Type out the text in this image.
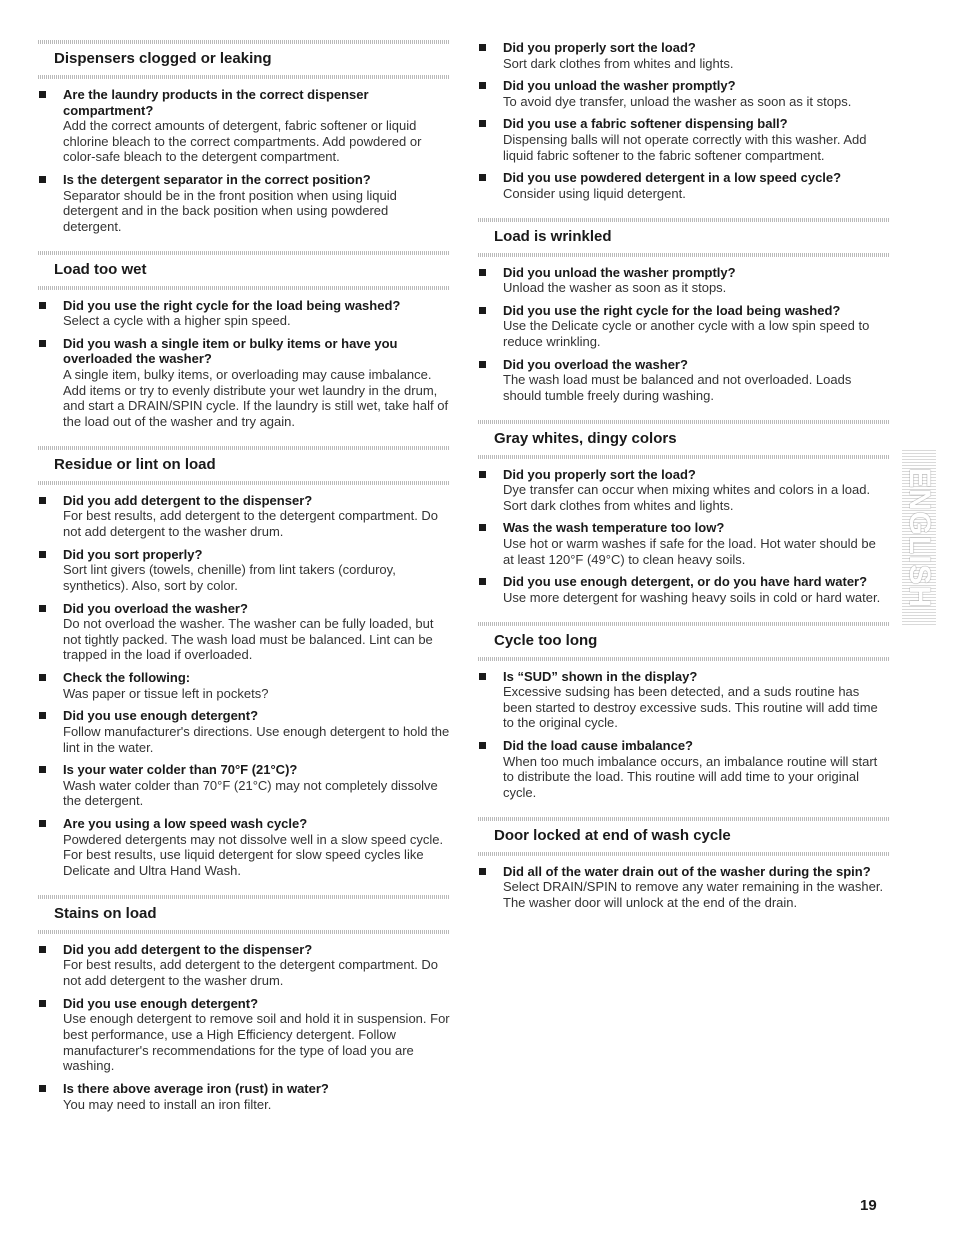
Dispensers clogged or leaking
Are the laundry products in the correct dispenser compartment?
Add the correct amounts of detergent, fabric softener or liquid chlorine bleach to the correct compartments. Add powdered or color-safe bleach to the detergent compartment.
Is the detergent separator in the correct position?
Separator should be in the front position when using liquid detergent and in the back position when using powdered detergent.
Load too wet
Did you use the right cycle for the load being washed?
Select a cycle with a higher spin speed.
Did you wash a single item or bulky items or have you overloaded the washer?
A single item, bulky items, or overloading may cause imbalance. Add items or try to evenly distribute your wet laundry in the drum, and start a DRAIN/SPIN cycle. If the laundry is still wet, take half of the load out of the washer and try again.
Residue or lint on load
Did you add detergent to the dispenser?
For best results, add detergent to the detergent compartment. Do not add detergent to the washer drum.
Did you sort properly?
Sort lint givers (towels, chenille) from lint takers (corduroy, synthetics). Also, sort by color.
Did you overload the washer?
Do not overload the washer. The washer can be fully loaded, but not tightly packed. The wash load must be balanced. Lint can be trapped in the load if overloaded.
Check the following:
Was paper or tissue left in pockets?
Did you use enough detergent?
Follow manufacturer's directions. Use enough detergent to hold the lint in the water.
Is your water colder than 70°F (21°C)?
Wash water colder than 70°F (21°C) may not completely dissolve the detergent.
Are you using a low speed wash cycle?
Powdered detergents may not dissolve well in a slow speed cycle. For best results, use liquid detergent for slow speed cycles like Delicate and Ultra Hand Wash.
Stains on load
Did you add detergent to the dispenser?
For best results, add detergent to the detergent compartment. Do not add detergent to the washer drum.
Did you use enough detergent?
Use enough detergent to remove soil and hold it in suspension. For best performance, use a High Efficiency detergent. Follow manufacturer's recommendations for the type of load you are washing.
Is there above average iron (rust) in water?
You may need to install an iron filter.
Did you properly sort the load?
Sort dark clothes from whites and lights.
Did you unload the washer promptly?
To avoid dye transfer, unload the washer as soon as it stops.
Did you use a fabric softener dispensing ball?
Dispensing balls will not operate correctly with this washer. Add liquid fabric softener to the fabric softener compartment.
Did you use powdered detergent in a low speed cycle?
Consider using liquid detergent.
Load is wrinkled
Did you unload the washer promptly?
Unload the washer as soon as it stops.
Did you use the right cycle for the load being washed?
Use the Delicate cycle or another cycle with a low spin speed to reduce wrinkling.
Did you overload the washer?
The wash load must be balanced and not overloaded. Loads should tumble freely during washing.
Gray whites, dingy colors
Did you properly sort the load?
Dye transfer can occur when mixing whites and colors in a load. Sort dark clothes from whites and lights.
Was the wash temperature too low?
Use hot or warm washes if safe for the load. Hot water should be at least 120°F (49°C) to clean heavy soils.
Did you use enough detergent, or do you have hard water?
Use more detergent for washing heavy soils in cold or hard water.
Cycle too long
Is “SUD” shown in the display?
Excessive sudsing has been detected, and a suds routine has been started to destroy excessive suds. This routine will add time to the original cycle.
Did the load cause imbalance?
When too much imbalance occurs, an imbalance routine will start to distribute the load. This routine will add time to your original cycle.
Door locked at end of wash cycle
Did all of the water drain out of the washer during the spin?
Select DRAIN/SPIN to remove any water remaining in the washer. The washer door will unlock at the end of the drain.
ENGLISH
19
